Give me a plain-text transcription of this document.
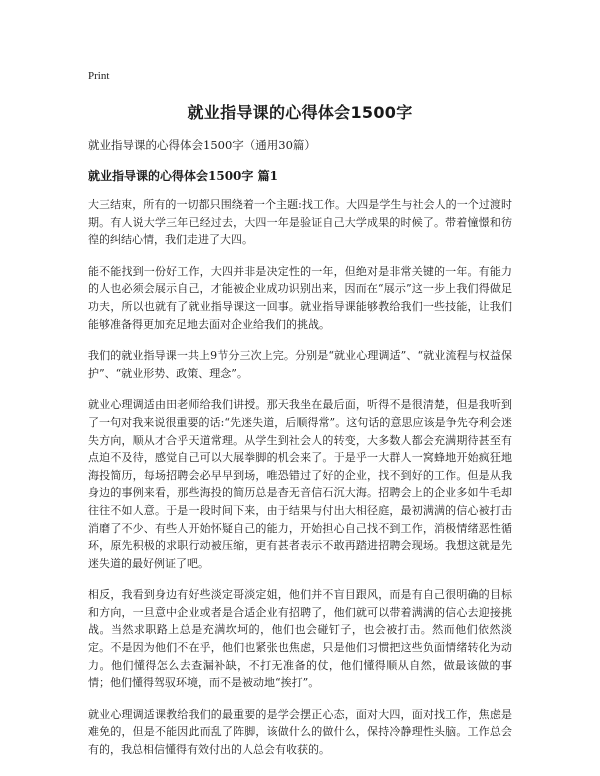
Print
就业指导课的心得体会1500字
就业指导课的心得体会1500字（通用30篇）
就业指导课的心得体会1500字 篇1

大三结束，所有的一切都只围绕着一个主题:找工作。大四是学生与社会人的一个过渡时期。有人说大学三年已经过去，大四一年是验证自己大学成果的时候了。带着憧憬和彷徨的纠结心情，我们走进了大四。

能不能找到一份好工作，大四并非是决定性的一年，但绝对是非常关键的一年。有能力的人也必须会展示自己，才能被企业成功识别出来，因而在“展示”这一步上我们得做足功夫，所以也就有了就业指导课这一回事。就业指导课能够教给我们一些技能，让我们能够准备得更加充足地去面对企业给我们的挑战。

我们的就业指导课一共上9节分三次上完。分别是“就业心理调适”、“就业流程与权益保护”、“就业形势、政策、理念”。

就业心理调适由田老师给我们讲授。那天我坐在最后面，听得不是很清楚，但是我听到了一句对我来说很重要的话:“先迷失道，后顺得常”。这句话的意思应该是争先夺利会迷失方向，顺从才合乎天道常理。从学生到社会人的转变，大多数人都会充满期待甚至有点迫不及待，感觉自己可以大展拳脚的机会来了。于是乎一大群人一窝蜂地开始疯狂地海投简历，每场招聘会必早早到场，唯恐错过了好的企业，找不到好的工作。但是从我身边的事例来看，那些海投的简历总是杳无音信石沉大海。招聘会上的企业多如牛毛却往往不如人意。于是一段时间下来，由于结果与付出大相径庭，最初满满的信心被打击消磨了不少、有些人开始怀疑自己的能力，开始担心自己找不到工作，消极情绪恶性循环，原先积极的求职行动被压缩，更有甚者表示不敢再踏进招聘会现场。我想这就是先迷失道的最好例证了吧。

相反，我看到身边有好些淡定哥淡定姐，他们并不盲目跟风，而是有自己很明确的目标和方向，一旦意中企业或者是合适企业有招聘了，他们就可以带着满满的信心去迎接挑战。当然求职路上总是充满坎坷的，他们也会碰钉子，也会被打击。然而他们依然淡定。不是因为他们不在乎，他们也紧张也焦虑，只是他们习惯把这些负面情绪转化为动力。他们懂得怎么去查漏补缺，不打无准备的仗，他们懂得顺从自然，做最该做的事情；他们懂得驾驭环境，而不是被动地“挨打”。

就业心理调适课教给我们的最重要的是学会摆正心态，面对大四，面对找工作，焦虑是难免的，但是不能因此而乱了阵脚，该做什么的做什么，保持冷静理性头脑。工作总会有的，我总相信懂得有效付出的人总会有收获的。
